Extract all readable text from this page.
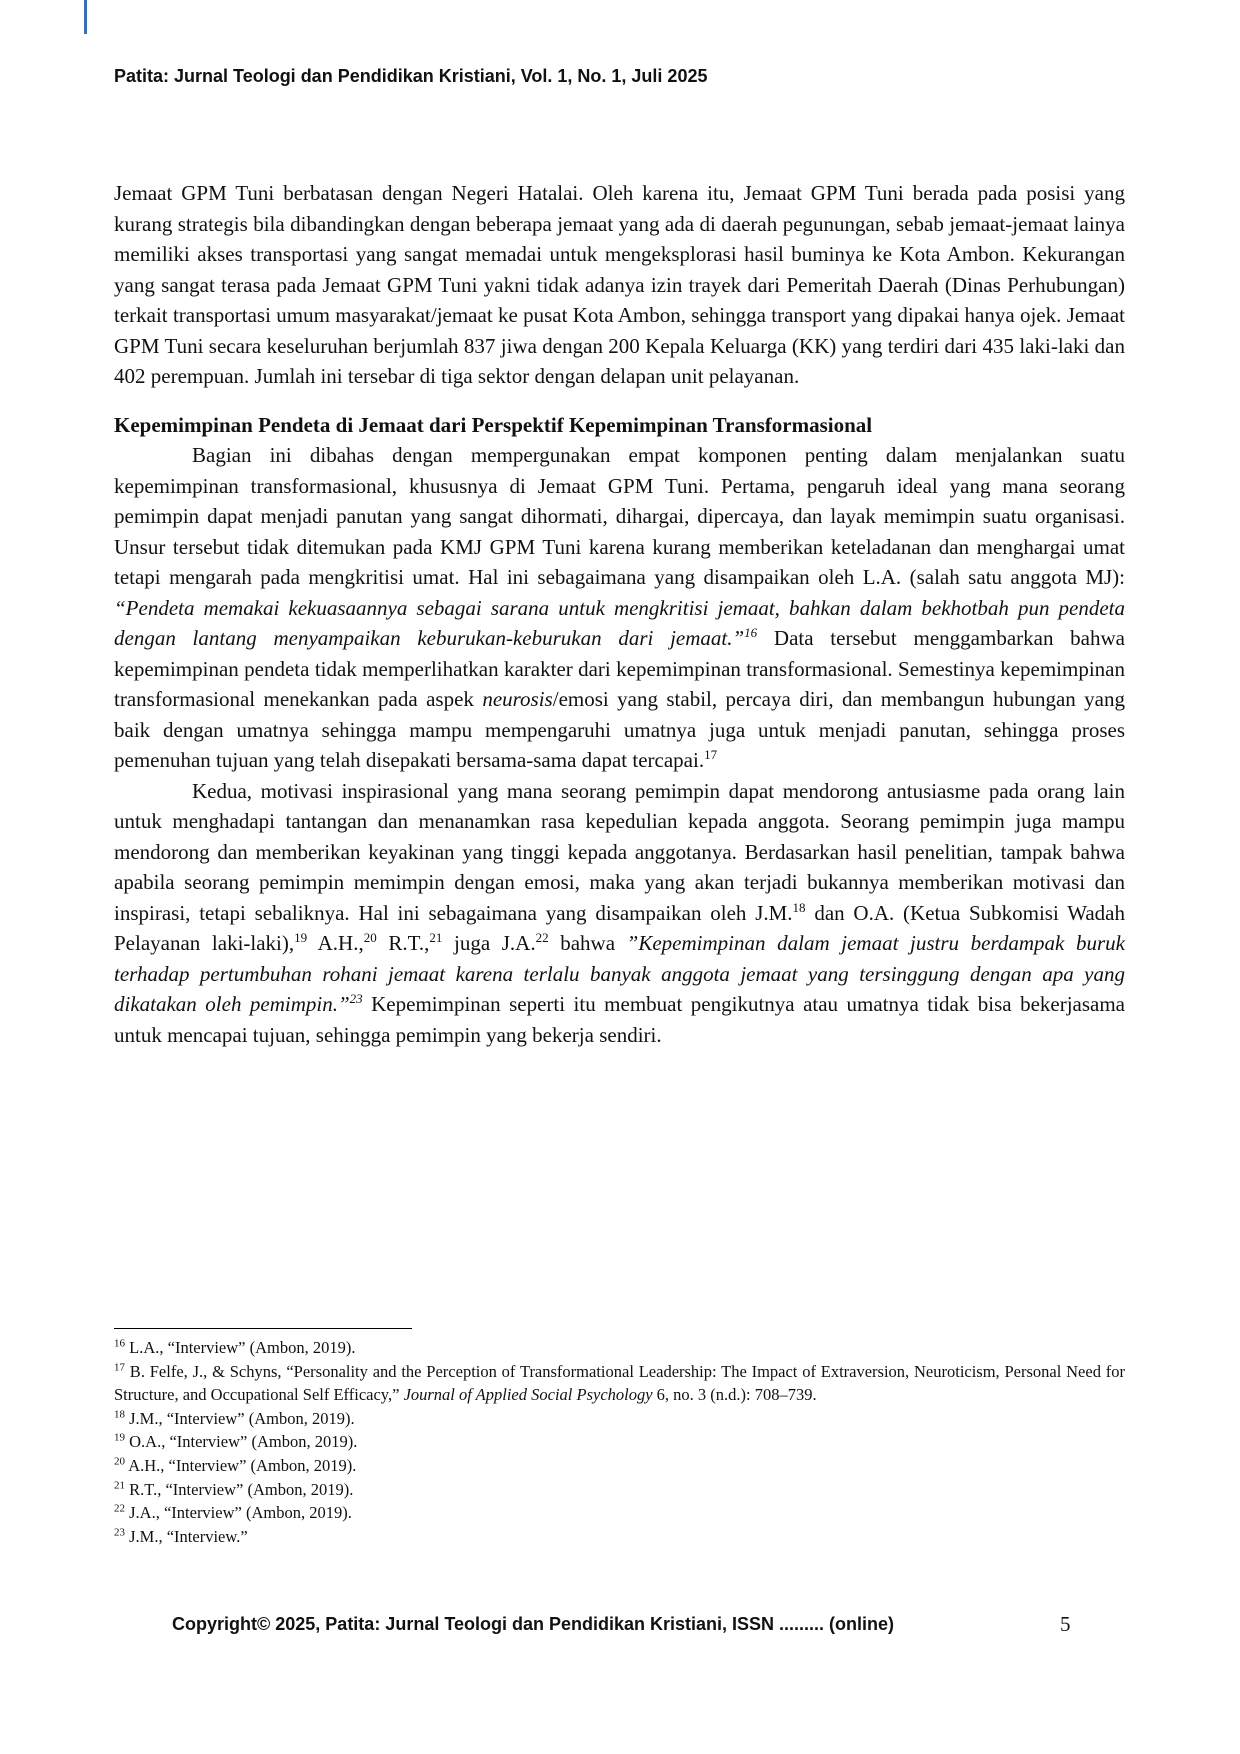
Patita: Jurnal Teologi dan Pendidikan Kristiani, Vol. 1, No. 1, Juli 2025

Jemaat GPM Tuni berbatasan dengan Negeri Hatalai. Oleh karena itu, Jemaat GPM Tuni berada pada posisi yang kurang strategis bila dibandingkan dengan beberapa jemaat yang ada di daerah pegunungan, sebab jemaat-jemaat lainya memiliki akses transportasi yang sangat memadai untuk mengeksplorasi hasil buminya ke Kota Ambon. Kekurangan yang sangat terasa pada Jemaat GPM Tuni yakni tidak adanya izin trayek dari Pemeritah Daerah (Dinas Perhubungan) terkait transportasi umum masyarakat/jemaat ke pusat Kota Ambon, sehingga transport yang dipakai hanya ojek. Jemaat GPM Tuni secara keseluruhan berjumlah 837 jiwa dengan 200 Kepala Keluarga (KK) yang terdiri dari 435 laki-laki dan 402 perempuan. Jumlah ini tersebar di tiga sektor dengan delapan unit pelayanan.

Kepemimpinan Pendeta di Jemaat dari Perspektif Kepemimpinan Transformasional

Bagian ini dibahas dengan mempergunakan empat komponen penting dalam menjalankan suatu kepemimpinan transformasional, khususnya di Jemaat GPM Tuni. Pertama, pengaruh ideal yang mana seorang pemimpin dapat menjadi panutan yang sangat dihormati, dihargai, dipercaya, dan layak memimpin suatu organisasi. Unsur tersebut tidak ditemukan pada KMJ GPM Tuni karena kurang memberikan keteladanan dan menghargai umat tetapi mengarah pada mengkritisi umat. Hal ini sebagaimana yang disampaikan oleh L.A. (salah satu anggota MJ): “Pendeta memakai kekuasaannya sebagai sarana untuk mengkritisi jemaat, bahkan dalam bekhotbah pun pendeta dengan lantang menyampaikan keburukan-keburukan dari jemaat.”$^{16}$ Data tersebut menggambarkan bahwa kepemimpinan pendeta tidak memperlihatkan karakter dari kepemimpinan transformasional. Semestinya kepemimpinan transformasional menekankan pada aspek neurosis/emosi yang stabil, percaya diri, dan membangun hubungan yang baik dengan umatnya sehingga mampu mempengaruhi umatnya juga untuk menjadi panutan, sehingga proses pemenuhan tujuan yang telah disepakati bersama-sama dapat tercapai.$^{17}$

Kedua, motivasi inspirasional yang mana seorang pemimpin dapat mendorong antusiasme pada orang lain untuk menghadapi tantangan dan menanamkan rasa kepedulian kepada anggota. Seorang pemimpin juga mampu mendorong dan memberikan keyakinan yang tinggi kepada anggotanya. Berdasarkan hasil penelitian, tampak bahwa apabila seorang pemimpin memimpin dengan emosi, maka yang akan terjadi bukannya memberikan motivasi dan inspirasi, tetapi sebaliknya. Hal ini sebagaimana yang disampaikan oleh J.M.$^{18}$ dan O.A. (Ketua Subkomisi Wadah Pelayanan laki-laki),$^{19}$ A.H.,$^{20}$ R.T.,$^{21}$ juga J.A.$^{22}$ bahwa ”Kepemimpinan dalam jemaat justru berdampak buruk terhadap pertumbuhan rohani jemaat karena terlalu banyak anggota jemaat yang tersinggung dengan apa yang dikatakan oleh pemimpin.”$^{23}$ Kepemimpinan seperti itu membuat pengikutnya atau umatnya tidak bisa bekerjasama untuk mencapai tujuan, sehingga pemimpin yang bekerja sendiri.

$^{16}$ L.A., “Interview” (Ambon, 2019).

$^{17}$ B. Felfe, J., & Schyns, “Personality and the Perception of Transformational Leadership: The Impact of Extraversion, Neuroticism, Personal Need for Structure, and Occupational Self Efficacy,” Journal of Applied Social Psychology 6, no. 3 (n.d.): 708–739.

$^{18}$ J.M., “Interview” (Ambon, 2019).

$^{19}$ O.A., “Interview” (Ambon, 2019).

$^{20}$ A.H., “Interview” (Ambon, 2019).

$^{21}$ R.T., “Interview” (Ambon, 2019).

$^{22}$ J.A., “Interview” (Ambon, 2019).

$^{23}$ J.M., “Interview.”

Copyright© 2025, Patita: Jurnal Teologi dan Pendidikan Kristiani, ISSN ......... (online)	5
